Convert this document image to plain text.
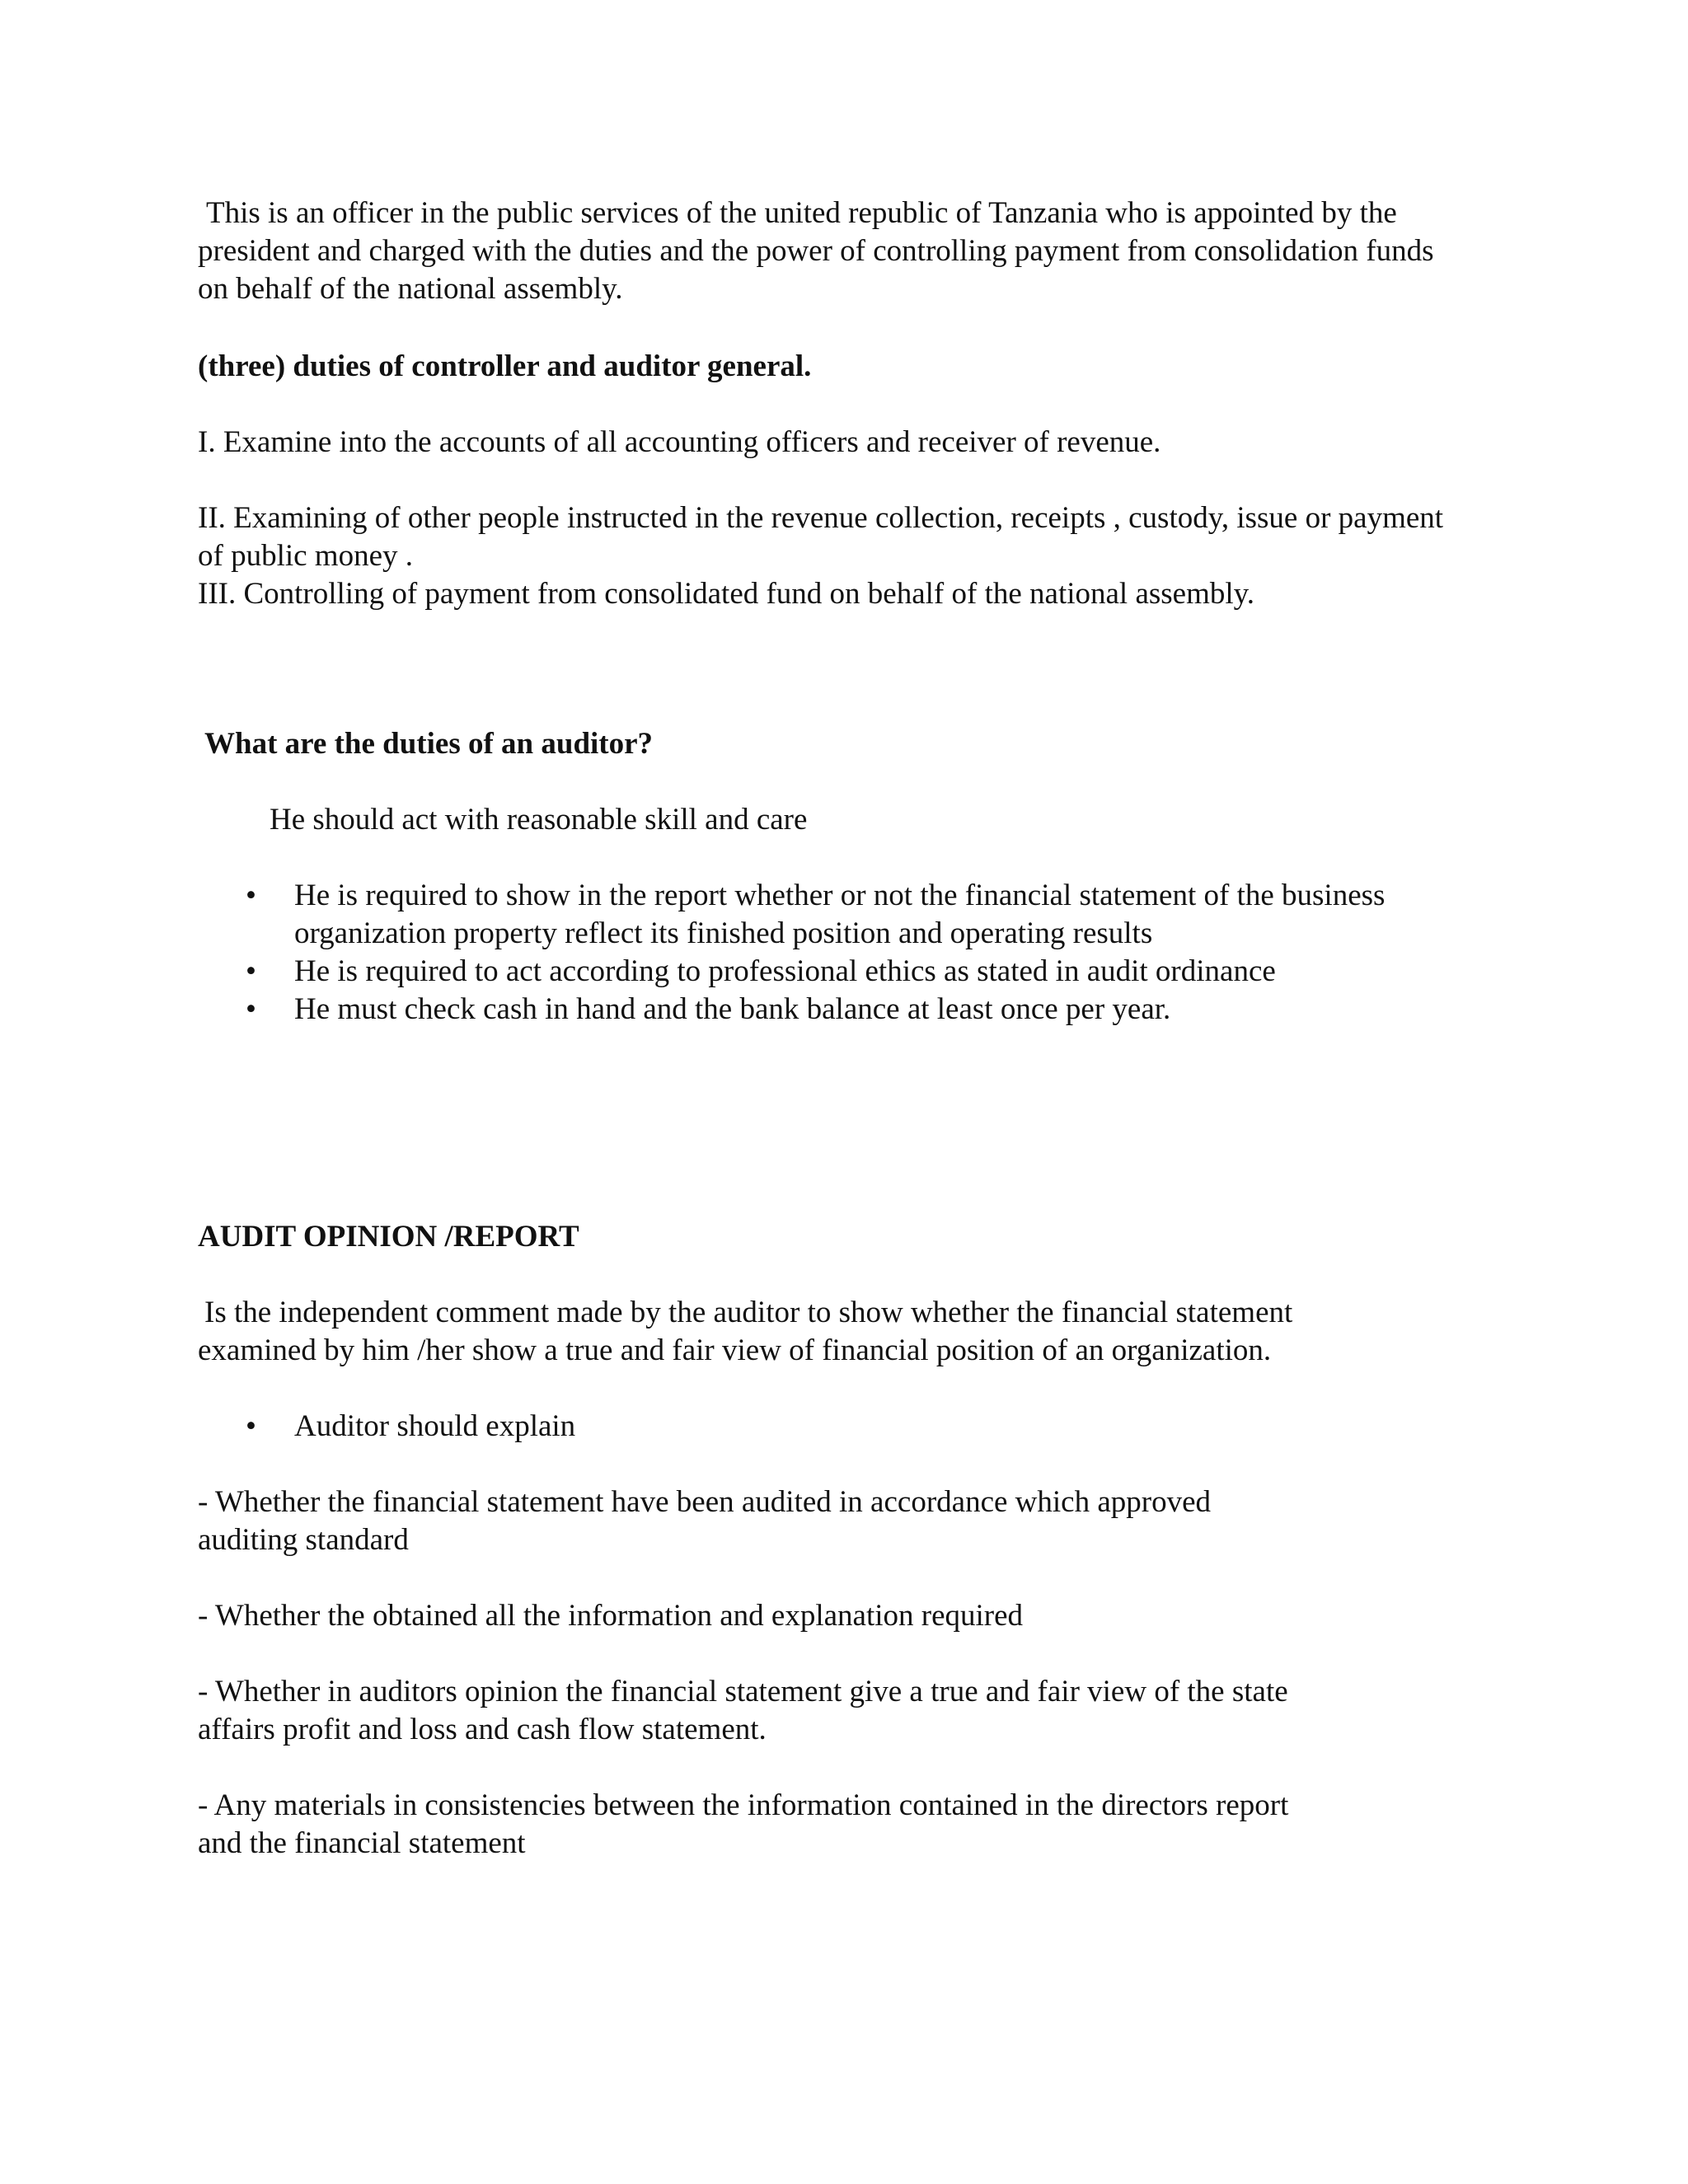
This is an officer in the public services of the united republic of Tanzania who is appointed by the president and charged with the duties and the power of controlling payment from consolidation funds on behalf of the national assembly.

(three) duties of controller and auditor general.

I. Examine into the accounts of all accounting officers and receiver of revenue.

II. Examining of other people instructed in the revenue collection, receipts , custody, issue or payment of public money .

III. Controlling of payment from consolidated fund on behalf of the national assembly.

What are the duties of an auditor?

He should act with reasonable skill and care

• He is required to show in the report whether or not the financial statement of the business organization property reflect its finished position and operating results
• He is required to act according to professional ethics as stated in audit ordinance
• He must check cash in hand and the bank balance at least once per year.

AUDIT OPINION /REPORT

Is the independent comment made by the auditor to show whether the financial statement examined by him /her show a true and fair view of financial position of an organization.

• Auditor should explain

- Whether the financial statement have been audited in accordance which approved auditing standard

- Whether the obtained all the information and explanation required

- Whether in auditors opinion the financial statement give a true and fair view of the state affairs profit and loss and cash flow statement.

- Any materials in consistencies between the information contained in the directors report and the financial statement
